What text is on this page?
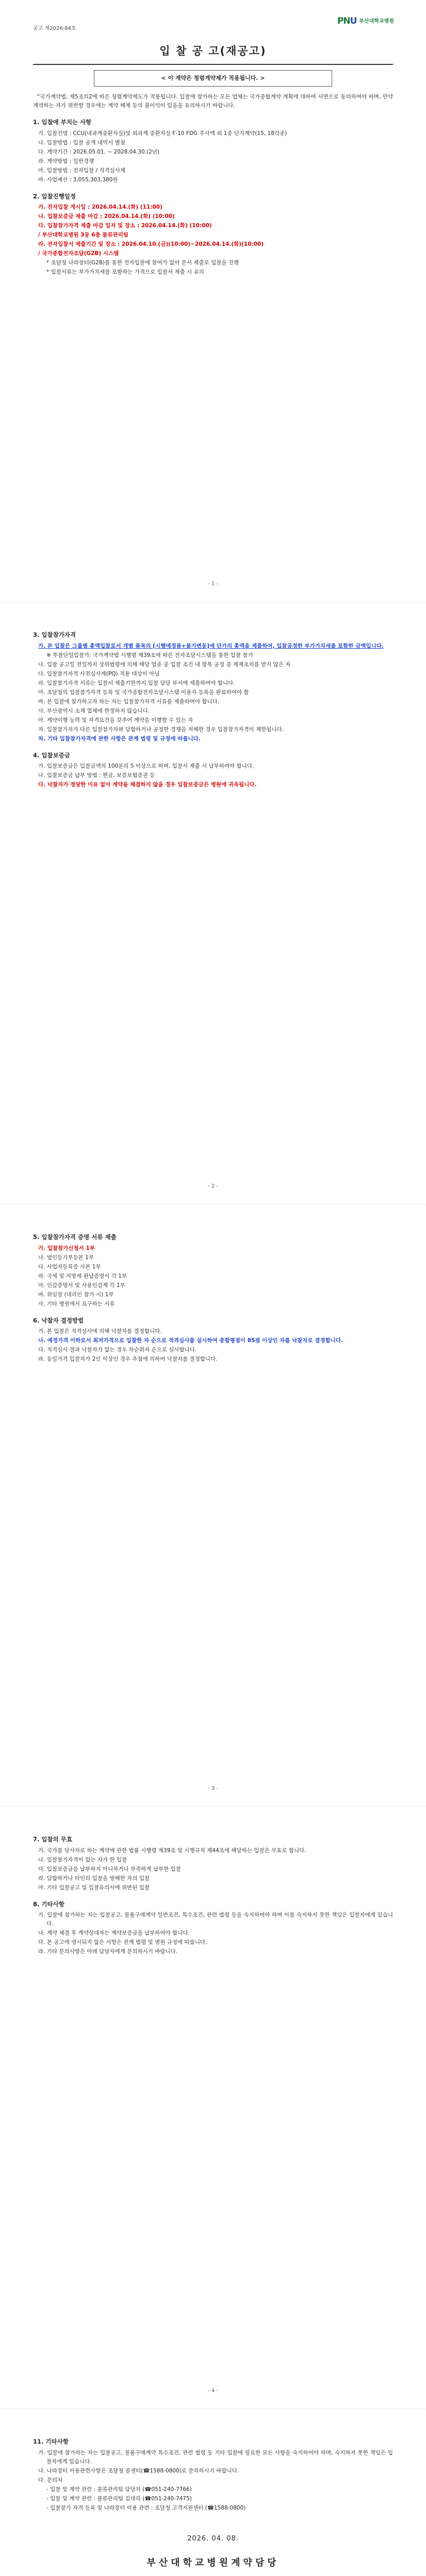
PNU 부산대학교병원
공고 제2026-84호
입 찰 공 고(재공고)
< 이 계약은 청렴계약제가 적용됩니다. >

“국가계약법, 제5조의2에 따른 청렴계약제도가 적용됩니다. 입찰에 참가하는 모든 업체는 국가종합계약 계획에 대하여 서면으로 동의하여야 하며, 만약 계약하는 자가 위반할 경우에는 계약 해제 등의 불이익이 있음을 유의하시기 바랍니다.

1. 입찰에 부치는 사항
가. 입찰건명 : CCU(내과계중환자실)및 외과계 중환자실 F-10 FDG 주사액 외 1종 단가계약(15, 18각종)
나. 입찰방법 : 입찰 공개 내역서 별첨
다. 계약기간 : 2026.05.01. ~ 2028.04.30.(2년)
라. 계약방법 : 일반경쟁
마. 입찰방법 : 전자입찰 / 적격심사제
바. 사업예산 : 3,055,303,380원
2. 입찰진행일정
가. 전자입찰 게시일 : 2026.04.14.(화) (11:00)
나. 입찰보증금 제출 마감 : 2026.04.14.(화) (10:00)
다. 입찰참가자격 제출 마감 일자 및 장소 : 2026.04.14.(화) (10:00)
/ 부산대학교병원 3동 6층 물류관리팀
라. 전자입찰서 제출기간 및 장소 : 2026.04.10.(금)(10:00)~2026.04.14.(화)(10:00)
/ 국가종합전자조달(G2B) 시스템
* 조달청 나라장터(G2B)를 통한 전자입찰에 참여가 없어 문서 제출로 입찰을 진행
* 입찰서류는 부가가치세를 포함하는 가격으로 입찰서 제출 시 유의
- 1 -
3. 입찰참가자격
가. 본 입찰은 그룹별 총액입찰로서 개별 품목의 [시행예정품+물가변동]에 단가의 총액을 제출하여, 입찰공정한 부가가치세를 포함한 금액입니다.
※ 투찰단일입찰가: 국가계약법 시행령 제39조에 따른 전자조달시스템을 통한 입찰 참가
나. 입찰 공고일 전일까지 상위법령에 의해 해당 업종 중 입찰 조건 내 항목 공정 중 제재조치를 받지 않은 자
다. 입찰참가자격 사전심사제(PQ) 적용 대상이 아님
라. 입찰참가자격 서류는 입찰서 제출기한까지 입찰 담당 부서에 제출하여야 합니다.
마. 조달청의 입찰참가자격 등록 및 국가종합전자조달시스템 이용자 등록을 완료하여야 함
바. 본 입찰에 참가하고자 하는 자는 입찰참가자격 서류를 제출하여야 합니다.
사. 부산광역시 소재 업체에 한정하지 않습니다.
아. 계약이행 능력 및 자격요건을 갖추어 계약을 이행할 수 있는 자
자. 입찰참가자가 다른 입찰참가자와 담합하거나 공정한 경쟁을 저해한 경우 입찰참가자격이 제한됩니다.
차. 기타 입찰참가자격에 관한 사항은 관계 법령 및 규정에 따릅니다.
4. 입찰보증금
가. 입찰보증금은 입찰금액의 100분의 5 이상으로 하며, 입찰서 제출 시 납부하여야 합니다.
나. 입찰보증금 납부 방법 : 현금, 보증보험증권 등
다. 낙찰자가 정당한 이유 없이 계약을 체결하지 않을 경우 입찰보증금은 병원에 귀속됩니다.
- 2 -
5. 입찰참가자격 증명 서류 제출
가. 입찰참가신청서 1부
나. 법인등기부등본 1부
다. 사업자등록증 사본 1부
라. 국세 및 지방세 완납증명서 각 1부
마. 인감증명서 및 사용인감계 각 1부
바. 위임장 (대리인 참가 시) 1부
사. 기타 병원에서 요구하는 서류
6. 낙찰자 결정방법
가. 본 입찰은 적격심사에 의해 낙찰자를 결정합니다.
나. 예정가격 이하로서 최저가격으로 입찰한 자 순으로 적격심사를 실시하여 종합평점이 85점 이상인 자를 낙찰자로 결정합니다.
다. 적격심사 결과 낙찰자가 없는 경우 차순위자 순으로 심사합니다.
라. 동일가격 입찰자가 2인 이상인 경우 추첨에 의하여 낙찰자를 결정합니다.
- 3 -
7. 입찰의 무효
가. 국가를 당사자로 하는 계약에 관한 법률 시행령 제39조 및 시행규칙 제44조에 해당하는 입찰은 무효로 합니다.
나. 입찰참가자격이 없는 자가 한 입찰
다. 입찰보증금을 납부하지 아니하거나 부족하게 납부한 입찰
라. 담합하거나 타인의 입찰을 방해한 자의 입찰
마. 기타 입찰공고 및 입찰유의서에 위반된 입찰
8. 기타사항
가. 입찰에 참가하는 자는 입찰공고, 물품구매계약 일반조건, 특수조건, 관련 법령 등을 숙지하여야 하며 이를 숙지하지 못한 책임은 입찰자에게 있습니다.
나. 계약 체결 후 계약상대자는 계약보증금을 납부하여야 합니다.
다. 본 공고에 명시되지 않은 사항은 관계 법령 및 병원 규정에 따릅니다.
라. 기타 문의사항은 아래 담당자에게 문의하시기 바랍니다.
- 4 -
11. 기타사항
가. 입찰에 참가하는 자는 입찰공고, 물품구매계약 특수조건, 관련 법령 등 기타 입찰에 필요한 모든 사항을 숙지하여야 하며, 숙지하지 못한 책임은 입찰자에게 있습니다.
나. 나라장터 이용관련사항은 조달청 콜센터(☎1588-0800)로 문의하시기 바랍니다.
다. 문의처
- 입찰 및 계약 관련 : 물류관리팀 담당자 (☎051-240-7766)
- 입찰 및 계약 관련 : 물류관리팀 김대리 (☎051-240-7475)
- 입찰참가 자격 등록 및 나라장터 이용 관련 : 조달청 고객지원센터 (☎1588-0800)
2026. 04. 08.
부산대학교병원계약담당
